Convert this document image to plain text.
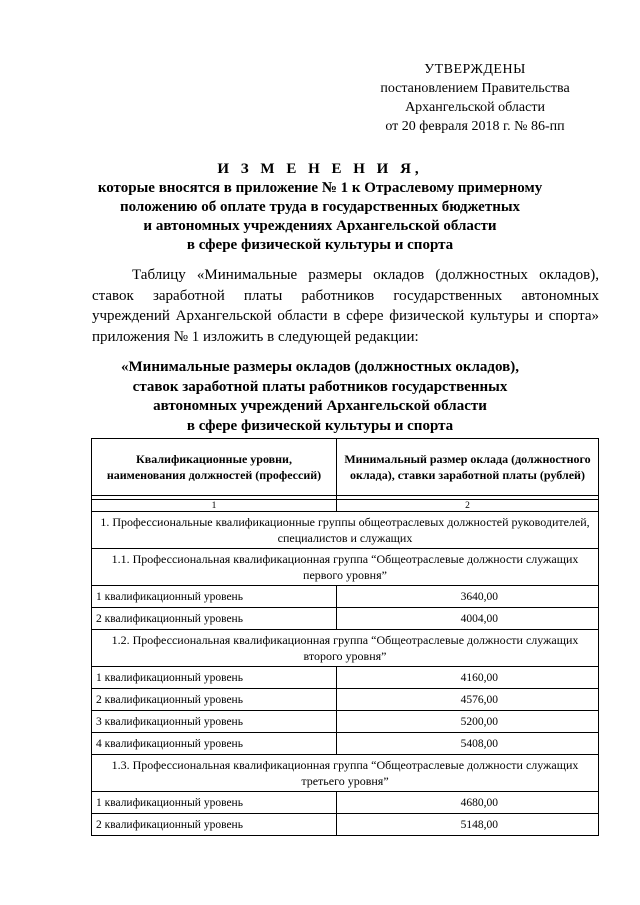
УТВЕРЖДЕНЫ
постановлением Правительства
Архангельской области
от 20 февраля 2018 г. № 86-пп
И З М Е Н Е Н И Я,
которые вносятся в приложение № 1 к Отраслевому примерному
положению об оплате труда в государственных бюджетных
и автономных учреждениях Архангельской области
в сфере физической культуры и спорта
Таблицу «Минимальные размеры окладов (должностных окладов), ставок заработной платы работников государственных автономных учреждений Архангельской области в сфере физической культуры и спорта» приложения № 1 изложить в следующей редакции:
«Минимальные размеры окладов (должностных окладов),
ставок заработной платы работников государственных
автономных учреждений Архангельской области
в сфере физической культуры и спорта
Квалификационные уровни, наименования должностей (профессий)	Минимальный размер оклада (должностного оклада), ставки заработной платы (рублей)

1	2
1. Профессиональные квалификационные группы общеотраслевых должностей руководителей, специалистов и служащих	
1.1. Профессиональная квалификационная группа “Общеотраслевые должности служащих первого уровня”	
1 квалификационный уровень	3640,00
2 квалификационный уровень	4004,00
1.2. Профессиональная квалификационная группа “Общеотраслевые должности служащих второго уровня”	
1 квалификационный уровень	4160,00
2 квалификационный уровень	4576,00
3 квалификационный уровень	5200,00
4 квалификационный уровень	5408,00
1.3. Профессиональная квалификационная группа “Общеотраслевые должности служащих третьего уровня”	
1 квалификационный уровень	4680,00
2 квалификационный уровень	5148,00
